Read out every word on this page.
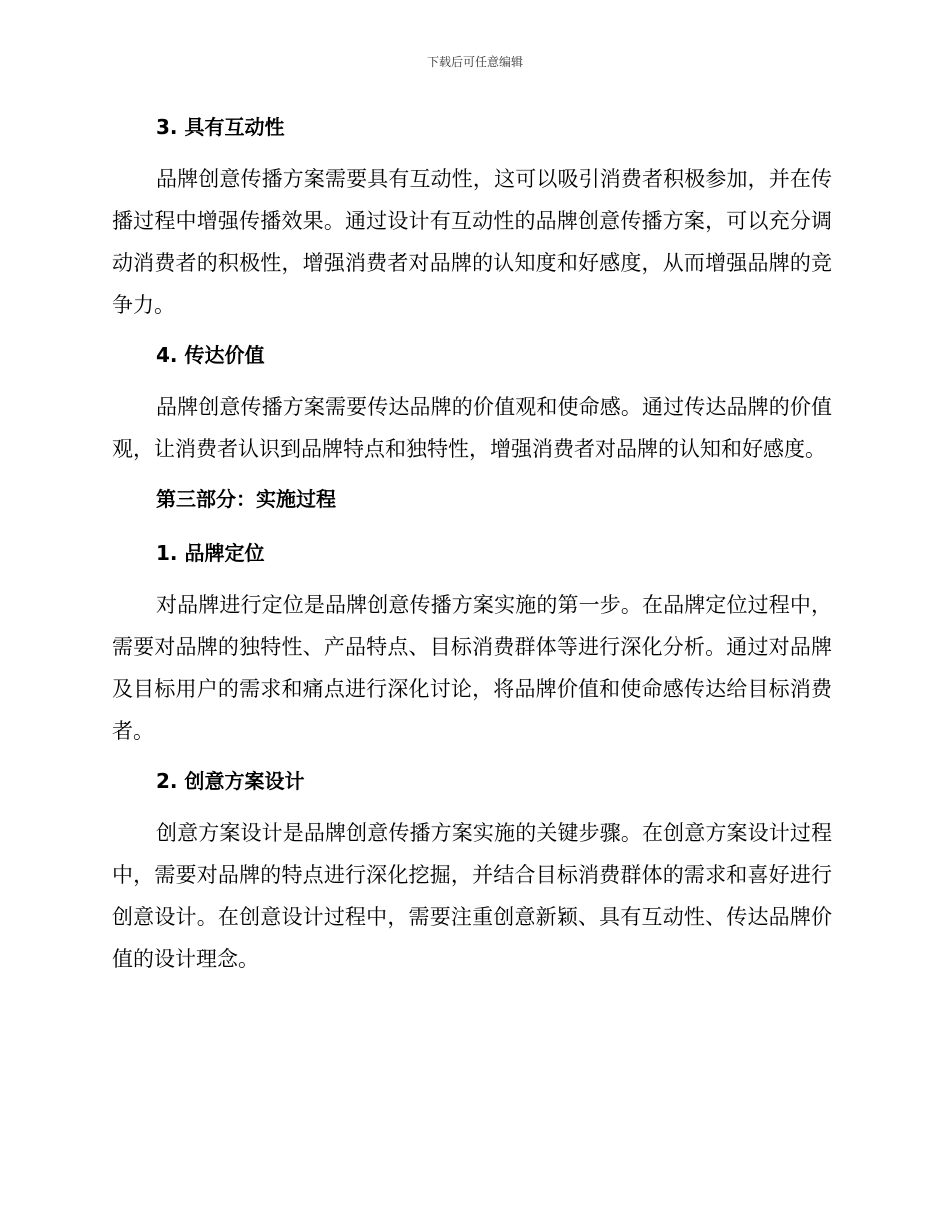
下载后可任意编辑
3. 具有互动性

品牌创意传播方案需要具有互动性，这可以吸引消费者积极参加，并在传播过程中增强传播效果。通过设计有互动性的品牌创意传播方案，可以充分调动消费者的积极性，增强消费者对品牌的认知度和好感度，从而增强品牌的竞争力。

4. 传达价值

品牌创意传播方案需要传达品牌的价值观和使命感。通过传达品牌的价值观，让消费者认识到品牌特点和独特性，增强消费者对品牌的认知和好感度。

第三部分：实施过程
1. 品牌定位

对品牌进行定位是品牌创意传播方案实施的第一步。在品牌定位过程中，需要对品牌的独特性、产品特点、目标消费群体等进行深化分析。通过对品牌及目标用户的需求和痛点进行深化讨论，将品牌价值和使命感传达给目标消费者。

2. 创意方案设计

创意方案设计是品牌创意传播方案实施的关键步骤。在创意方案设计过程中，需要对品牌的特点进行深化挖掘，并结合目标消费群体的需求和喜好进行创意设计。在创意设计过程中，需要注重创意新颖、具有互动性、传达品牌价值的设计理念。
